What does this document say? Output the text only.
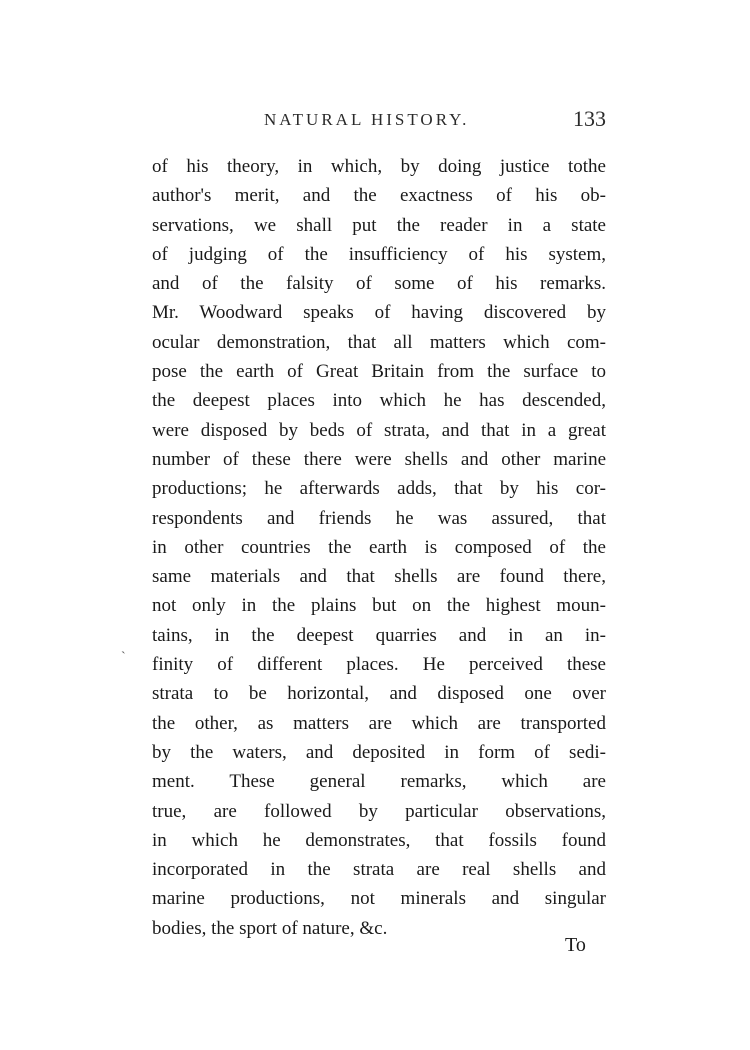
NATURAL HISTORY.	133
ˋ
of his theory, in which, by doing justice tothe
author's merit, and the exactness of his ob-
servations, we shall put the reader in a state
of judging of the insufficiency of his system,
and of the falsity of some of his remarks.
Mr. Woodward speaks of having discovered by
ocular demonstration, that all matters which com-
pose the earth of Great Britain from the surface to
the deepest places into which he has descended,
were disposed by beds of strata, and that in a great
number of these there were shells and other marine
productions; he afterwards adds, that by his cor-
respondents and friends he was assured, that
in other countries the earth is composed of the
same materials and that shells are found there,
not only in the plains but on the highest moun-
tains, in the deepest quarries and in an in-
finity of different places. He perceived these
strata to be horizontal, and disposed one over
the other, as matters are which are transported
by the waters, and deposited in form of sedi-
ment. These general remarks, which are
true, are followed by particular observations,
in which he demonstrates, that fossils found
incorporated in the strata are real shells and
marine productions, not minerals and singular
bodies, the sport of nature, &c.
To
